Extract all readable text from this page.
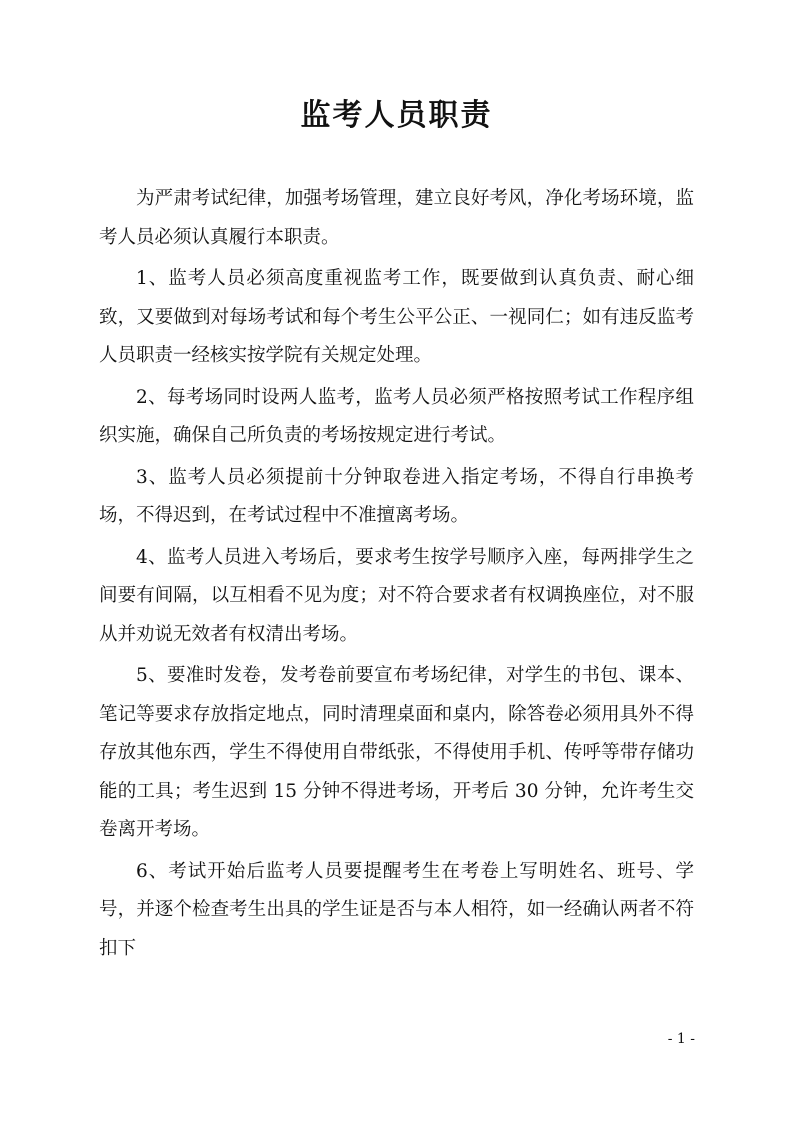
监考人员职责

为严肃考试纪律，加强考场管理，建立良好考风，净化考场环境，监考人员必须认真履行本职责。

1、监考人员必须高度重视监考工作，既要做到认真负责、耐心细致，又要做到对每场考试和每个考生公平公正、一视同仁；如有违反监考人员职责一经核实按学院有关规定处理。

2、每考场同时设两人监考，监考人员必须严格按照考试工作程序组织实施，确保自己所负责的考场按规定进行考试。

3、监考人员必须提前十分钟取卷进入指定考场，不得自行串换考场，不得迟到，在考试过程中不准擅离考场。

4、监考人员进入考场后，要求考生按学号顺序入座，每两排学生之间要有间隔，以互相看不见为度；对不符合要求者有权调换座位，对不服从并劝说无效者有权清出考场。

5、要准时发卷，发考卷前要宣布考场纪律，对学生的书包、课本、笔记等要求存放指定地点，同时清理桌面和桌内，除答卷必须用具外不得存放其他东西，学生不得使用自带纸张，不得使用手机、传呼等带存储功能的工具；考生迟到 15 分钟不得进考场，开考后 30 分钟，允许考生交卷离开考场。

6、考试开始后监考人员要提醒考生在考卷上写明姓名、班号、学号，并逐个检查考生出具的学生证是否与本人相符，如一经确认两者不符扣下

- 1 -
